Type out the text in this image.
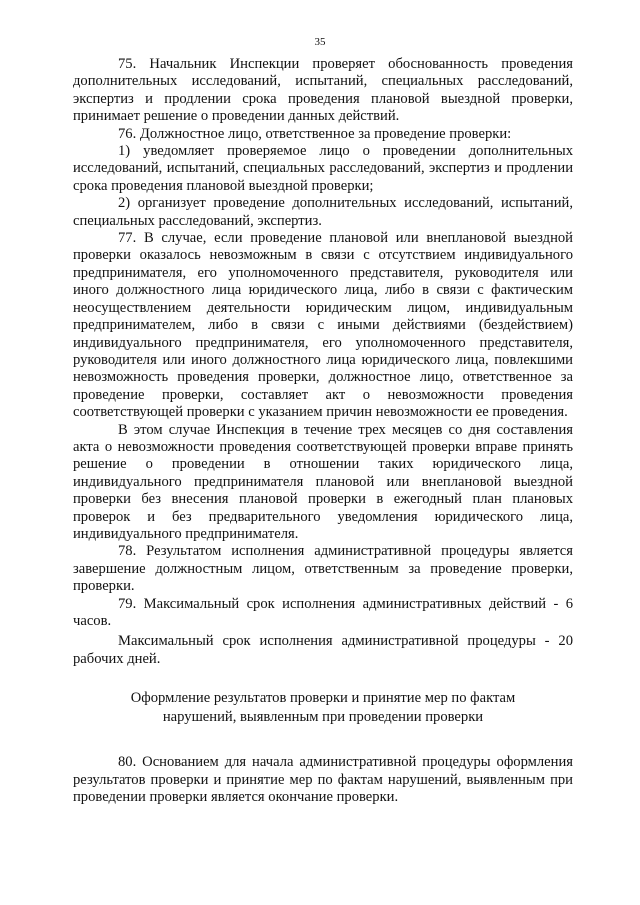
35

75. Начальник Инспекции проверяет обоснованность проведения дополнительных исследований, испытаний, специальных расследований, экспертиз и продлении срока проведения плановой выездной проверки, принимает решение о проведении данных действий.

76. Должностное лицо, ответственное за проведение проверки:

1) уведомляет проверяемое лицо о проведении дополнительных исследований, испытаний, специальных расследований, экспертиз и продлении срока проведения плановой выездной проверки;

2) организует проведение дополнительных исследований, испытаний, специальных расследований, экспертиз.

77. В случае, если проведение плановой или внеплановой выездной проверки оказалось невозможным в связи с отсутствием индивидуального предпринимателя, его уполномоченного представителя, руководителя или иного должностного лица юридического лица, либо в связи с фактическим неосуществлением деятельности юридическим лицом, индивидуальным предпринимателем, либо в связи с иными действиями (бездействием) индивидуального предпринимателя, его уполномоченного представителя, руководителя или иного должностного лица юридического лица, повлекшими невозможность проведения проверки, должностное лицо, ответственное за проведение проверки, составляет акт о невозможности проведения соответствующей проверки с указанием причин невозможности ее проведения.

В этом случае Инспекция в течение трех месяцев со дня составления акта о невозможности проведения соответствующей проверки вправе принять решение о проведении в отношении таких юридического лица, индивидуального предпринимателя плановой или внеплановой выездной проверки без внесения плановой проверки в ежегодный план плановых проверок и без предварительного уведомления юридического лица, индивидуального предпринимателя.

78. Результатом исполнения административной процедуры является завершение должностным лицом, ответственным за проведение проверки, проверки.

79. Максимальный срок исполнения административных действий - 6 часов.

Максимальный срок исполнения административной процедуры - 20 рабочих дней.

Оформление результатов проверки и принятие мер по фактам нарушений, выявленным при проведении проверки

80. Основанием для начала административной процедуры оформления результатов проверки и принятие мер по фактам нарушений, выявленным при проведении проверки является окончание проверки.
